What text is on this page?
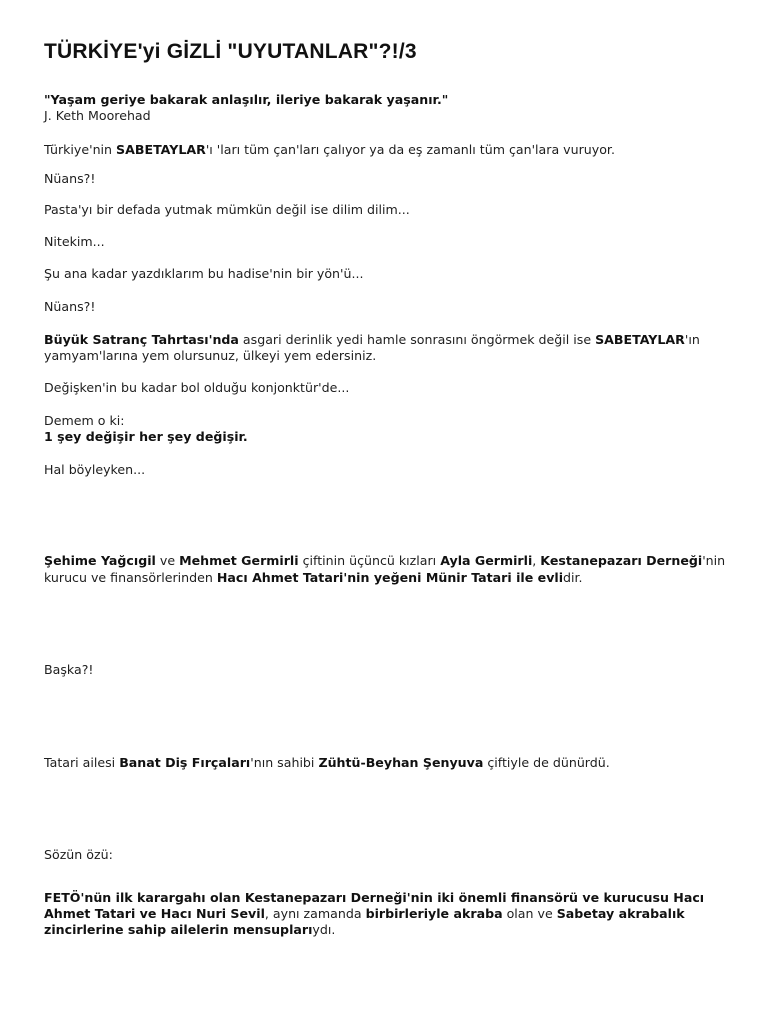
TÜRKİYE'yi GİZLİ "UYUTANLAR"?!/3
"Yaşam geriye bakarak anlaşılır, ileriye bakarak yaşanır."
J. Keth Moorehad
Türkiye'nin SABETAYLAR'ı 'ları tüm çan'ları çalıyor ya da eş zamanlı tüm çan'lara vuruyor.
Nüans?!
Pasta'yı bir defada yutmak mümkün değil ise dilim dilim...
Nitekim...
Şu ana kadar yazdıklarım bu hadise'nin bir yön'ü...
Nüans?!
Büyük Satranç Tahrtası'nda asgari derinlik yedi hamle sonrasını öngörmek değil ise SABETAYLAR'ın
yamyam'larına yem olursunuz, ülkeyi yem edersiniz.
Değişken'in bu kadar bol olduğu konjonktür'de...
Demem o ki:
1 şey değişir her şey değişir.
Hal böyleyken...
Şehime Yağcıgil ve Mehmet Germirli çiftinin üçüncü kızları Ayla Germirli, Kestanepazarı Derneği'nin
kurucu ve finansörlerinden Hacı Ahmet Tatari'nin yeğeni Münir Tatari ile evlidir.
Başka?!
Tatari ailesi Banat Diş Fırçaları'nın sahibi Zühtü-Beyhan Şenyuva çiftiyle de dünürdü.
Sözün özü:
FETÖ'nün ilk karargahı olan Kestanepazarı Derneği'nin iki önemli finansörü ve kurucusu Hacı
Ahmet Tatari ve Hacı Nuri Sevil, aynı zamanda birbirleriyle akraba olan ve Sabetay akrabalık
zincirlerine sahip ailelerin mensuplarıydı.
